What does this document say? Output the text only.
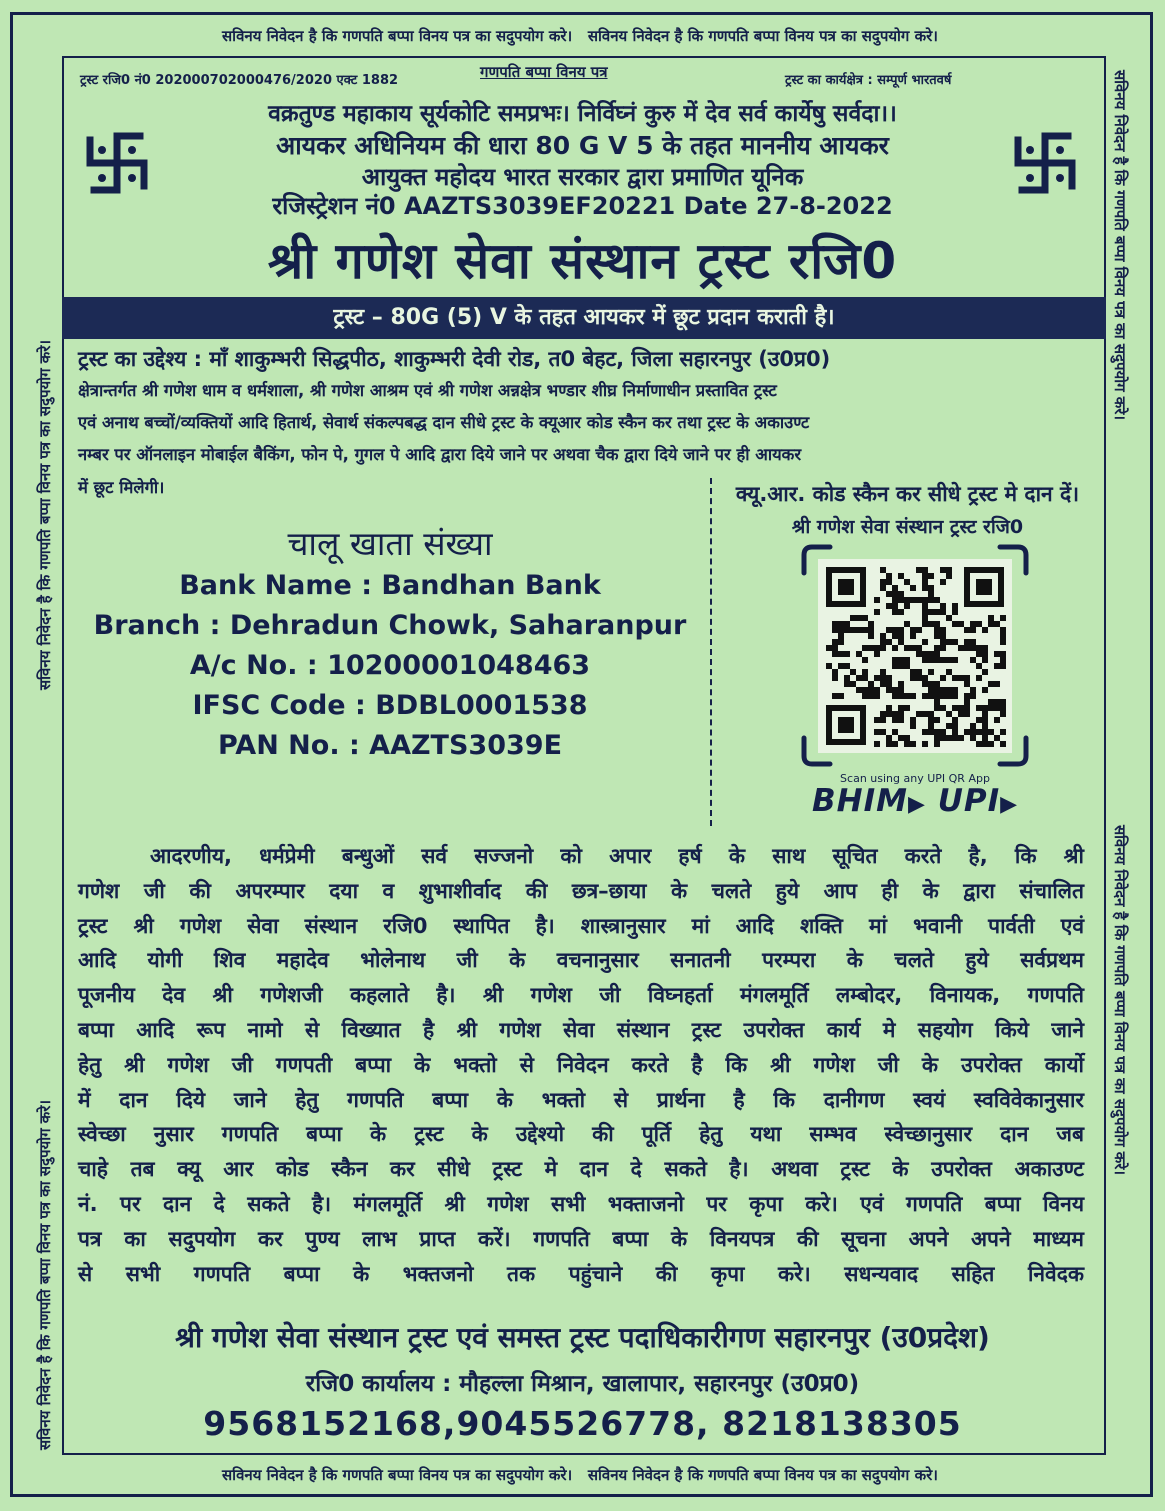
सविनय निवेदन है कि गणपति बप्पा विनय पत्र का सदुपयोग करे। सविनय निवेदन है कि गणपति बप्पा विनय पत्र का सदुपयोग करे।
सविनय निवेदन है कि गणपति बप्पा विनय पत्र का सदुपयोग करे। सविनय निवेदन है कि गणपति बप्पा विनय पत्र का सदुपयोग करे।
सविनय निवेदन है कि गणपति बप्पा विनय पत्र का सदुपयोग करे।
सविनय निवेदन है कि गणपति बप्पा विनय पत्र का सदुपयोग करे।
सविनय निवेदन है कि गणपति बप्पा विनय पत्र का सदुपयोग करे।
सविनय निवेदन है कि गणपति बप्पा विनय पत्र का सदुपयोग करे।
ट्रस्ट रजि0 नं0 202000702000476/2020 एक्ट 1882	गणपति बप्पा विनय पत्र	ट्रस्ट का कार्यक्षेत्र : सम्पूर्ण भारतवर्ष
वक्रतुण्ड महाकाय सूर्यकोटि समप्रभः। निर्विघ्नं कुरु में देव सर्व कार्येषु सर्वदा।।
आयकर अधिनियम की धारा 80 G V 5 के तहत माननीय आयकर
आयुक्त महोदय भारत सरकार द्वारा प्रमाणित यूनिक
रजिस्ट्रेशन नं0 AAZTS3039EF20221 Date 27-8-2022
श्री गणेश सेवा संस्थान ट्रस्ट रजि0
ट्रस्ट – 80G (5) V के तहत आयकर में छूट प्रदान कराती है।
ट्रस्ट का उद्देश्य : माँ शाकुम्भरी सिद्धपीठ, शाकुम्भरी देवी रोड, त0 बेहट, जिला सहारनपुर (उ0प्र0)
क्षेत्रान्तर्गत श्री गणेश धाम व धर्मशाला, श्री गणेश आश्रम एवं श्री गणेश अन्नक्षेत्र भण्डार शीघ्र निर्माणाधीन प्रस्तावित ट्रस्ट
एवं अनाथ बच्चों/व्यक्तियों आदि हितार्थ, सेवार्थ संकल्पबद्ध दान सीधे ट्रस्ट के क्यूआर कोड स्कैन कर तथा ट्रस्ट के अकाउण्ट
नम्बर पर ऑनलाइन मोबाईल बैकिंग, फोन पे, गुगल पे आदि द्वारा दिये जाने पर अथवा चैक द्वारा दिये जाने पर ही आयकर
में छूट मिलेगी।
चालू खाता संख्या
Bank Name : Bandhan Bank
Branch : Dehradun Chowk, Saharanpur
A/c No. : 10200001048463
IFSC Code : BDBL0001538
PAN No. : AAZTS3039E
क्यू.आर. कोड स्कैन कर सीधे ट्रस्ट मे दान दें।
श्री गणेश सेवा संस्थान ट्रस्ट रजि0
Scan using any UPI QR App
BHIM▶ UPI▶
आदरणीय, धर्मप्रेमी बन्धुओं सर्व सज्जनो को अपार हर्ष के साथ सूचित करते है, कि श्री
गणेश जी की अपरम्पार दया व शुभाशीर्वाद की छत्र–छाया के चलते हुये आप ही के द्वारा संचालित
ट्रस्ट श्री गणेश सेवा संस्थान रजि0 स्थापित है। शास्त्रानुसार मां आदि शक्ति मां भवानी पार्वती एवं
आदि योगी शिव महादेव भोलेनाथ जी के वचनानुसार सनातनी परम्परा के चलते हुये सर्वप्रथम
पूजनीय देव श्री गणेशजी कहलाते है। श्री गणेश जी विघ्नहर्ता मंगलमूर्ति लम्बोदर, विनायक, गणपति
बप्पा आदि रूप नामो से विख्यात है श्री गणेश सेवा संस्थान ट्रस्ट उपरोक्त कार्य मे सहयोग किये जाने
हेतु श्री गणेश जी गणपती बप्पा के भक्तो से निवेदन करते है कि श्री गणेश जी के उपरोक्त कार्यो
में दान दिये जाने हेतु गणपति बप्पा के भक्तो से प्रार्थना है कि दानीगण स्वयं स्वविवेकानुसार
स्वेच्छा नुसार गणपति बप्पा के ट्रस्ट के उद्देश्यो की पूर्ति हेतु यथा सम्भव स्वेच्छानुसार दान जब
चाहे तब क्यू आर कोड स्कैन कर सीधे ट्रस्ट मे दान दे सकते है। अथवा ट्रस्ट के उपरोक्त अकाउण्ट
नं. पर दान दे सकते है। मंगलमूर्ति श्री गणेश सभी भक्ताजनो पर कृपा करे। एवं गणपति बप्पा विनय
पत्र का सदुपयोग कर पुण्य लाभ प्राप्त करें। गणपति बप्पा के विनयपत्र की सूचना अपने अपने माध्यम
से सभी गणपति बप्पा के भक्तजनो तक पहुंचाने की कृपा करे। सधन्यवाद सहित निवेदक
श्री गणेश सेवा संस्थान ट्रस्ट एवं समस्त ट्रस्ट पदाधिकारीगण सहारनपुर (उ0प्रदेश)
रजि0 कार्यालय : मौहल्ला मिश्रान, खालापार, सहारनपुर (उ0प्र0)
9568152168,9045526778, 8218138305
